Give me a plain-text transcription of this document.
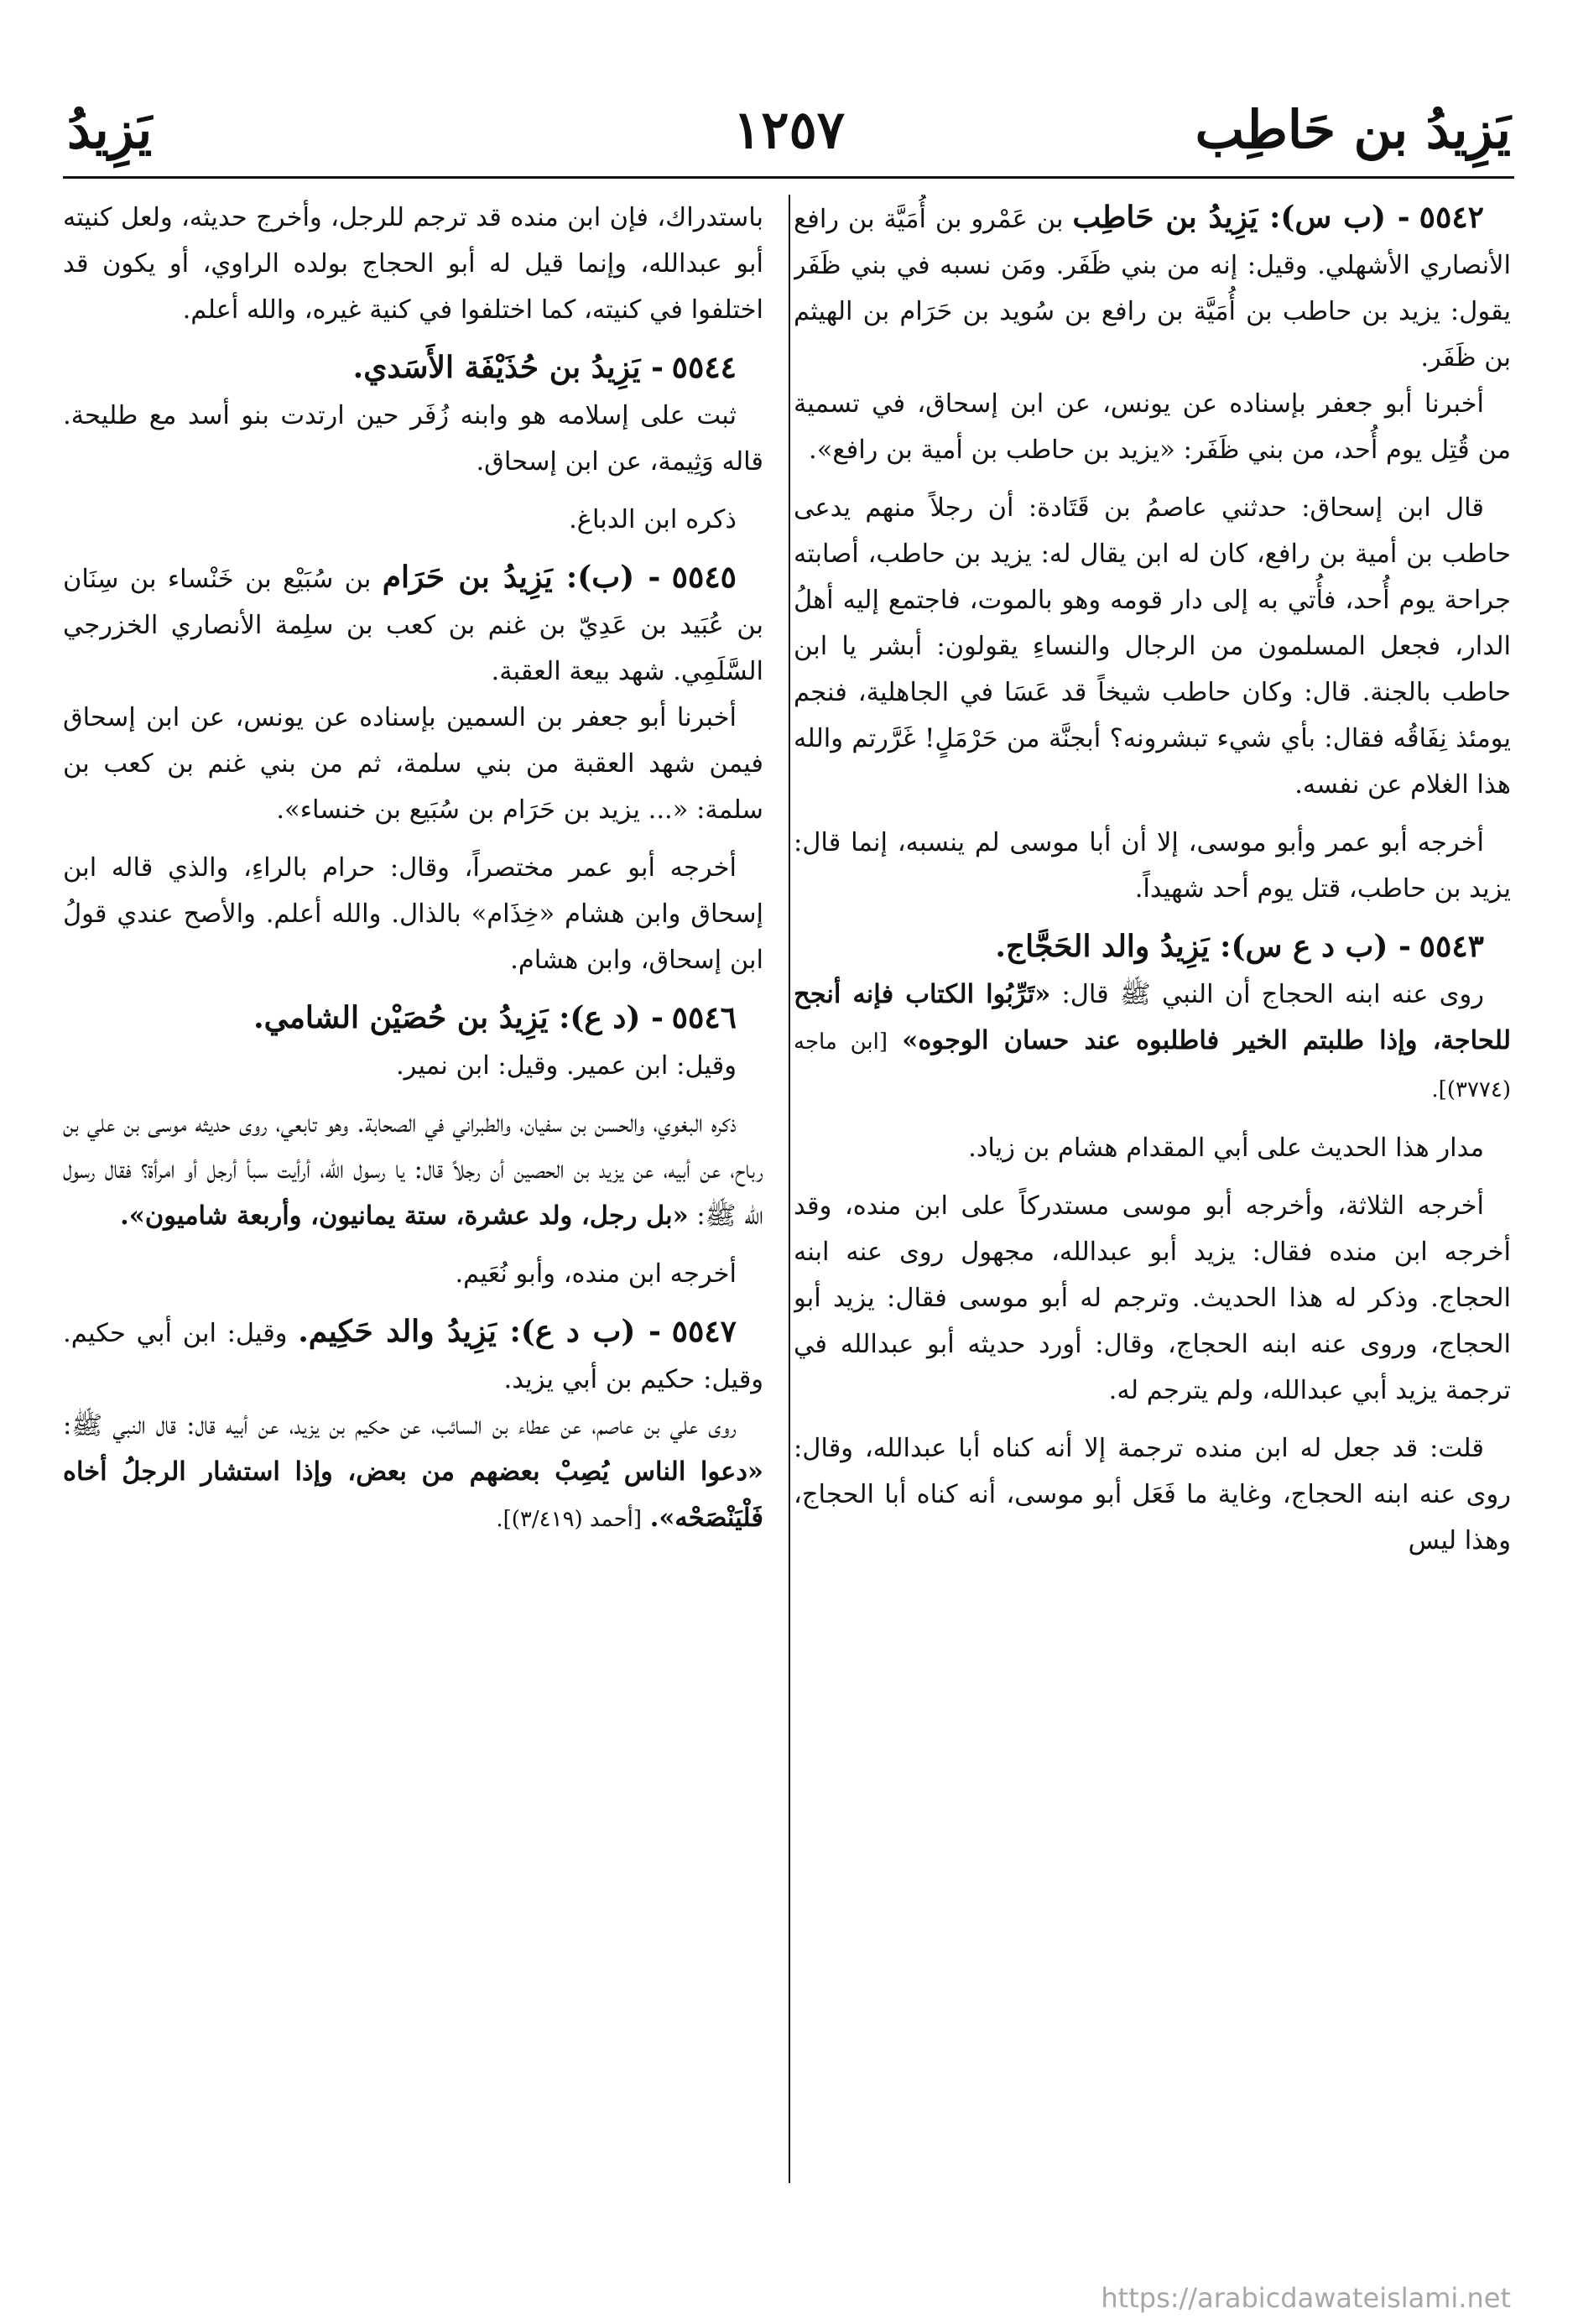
يَزِيدُ بن حَاطِب
١٢٥٧
يَزِيدُ

٥٥٤٢ - (ب س): يَزِيدُ بن حَاطِب بن عَمْرو بن أُمَيَّة بن رافع الأنصاري الأشهلي. وقيل: إنه من بني ظَفَر. ومَن نسبه في بني ظَفَر يقول: يزيد بن حاطب بن أُمَيَّة بن رافع بن سُويد بن حَرَام بن الهيثم بن ظَفَر.

أخبرنا أبو جعفر بإسناده عن يونس، عن ابن إسحاق، في تسمية من قُتِل يوم أُحد، من بني ظَفَر: «يزيد بن حاطب بن أمية بن رافع».

قال ابن إسحاق: حدثني عاصمُ بن قَتَادة: أن رجلاً منهم يدعى حاطب بن أمية بن رافع، كان له ابن يقال له: يزيد بن حاطب، أصابته جراحة يوم أُحد، فأُتي به إلى دار قومه وهو بالموت، فاجتمع إليه أهلُ الدار، فجعل المسلمون من الرجال والنساءِ يقولون: أبشر يا ابن حاطب بالجنة. قال: وكان حاطب شيخاً قد عَسَا في الجاهلية، فنجم يومئذ نِفَاقُه فقال: بأي شيء تبشرونه؟ أبجنَّة من حَرْمَلٍ! غَرَّرتم والله هذا الغلام عن نفسه.

أخرجه أبو عمر وأبو موسى، إلا أن أبا موسى لم ينسبه، إنما قال: يزيد بن حاطب، قتل يوم أحد شهيداً.

٥٥٤٣ - (ب د ع س): يَزِيدُ والد الحَجَّاج.

روى عنه ابنه الحجاج أن النبي ﷺ قال: «تَرِّبُوا الكتاب فإنه أنجح للحاجة، وإذا طلبتم الخير فاطلبوه عند حسان الوجوه» [ابن ماجه (٣٧٧٤)].

مدار هذا الحديث على أبي المقدام هشام بن زياد.

أخرجه الثلاثة، وأخرجه أبو موسى مستدركاً على ابن منده، وقد أخرجه ابن منده فقال: يزيد أبو عبدالله، مجهول روى عنه ابنه الحجاج. وذكر له هذا الحديث. وترجم له أبو موسى فقال: يزيد أبو الحجاج، وروى عنه ابنه الحجاج، وقال: أورد حديثه أبو عبدالله في ترجمة يزيد أبي عبدالله، ولم يترجم له.

قلت: قد جعل له ابن منده ترجمة إلا أنه كناه أبا عبدالله، وقال: روى عنه ابنه الحجاج، وغاية ما فَعَل أبو موسى، أنه كناه أبا الحجاج، وهذا ليس

باستدراك، فإن ابن منده قد ترجم للرجل، وأخرج حديثه، ولعل كنيته أبو عبدالله، وإنما قيل له أبو الحجاج بولده الراوي، أو يكون قد اختلفوا في كنيته، كما اختلفوا في كنية غيره، والله أعلم.

٥٥٤٤ - يَزِيدُ بن حُذَيْفَة الأَسَدي.

ثبت على إسلامه هو وابنه زُفَر حين ارتدت بنو أسد مع طليحة. قاله وَثِيمة، عن ابن إسحاق.

ذكره ابن الدباغ.

٥٥٤٥ - (ب): يَزِيدُ بن حَرَام بن سُبَيْع بن خَنْساء بن سِنَان بن عُبَيد بن عَدِيّ بن غنم بن كعب بن سلِمة الأنصاري الخزرجي السَّلَمِي. شهد بيعة العقبة.

أخبرنا أبو جعفر بن السمين بإسناده عن يونس، عن ابن إسحاق فيمن شهد العقبة من بني سلمة، ثم من بني غنم بن كعب بن سلمة: «... يزيد بن حَرَام بن سُبَيع بن خنساء».

أخرجه أبو عمر مختصراً، وقال: حرام بالراءِ، والذي قاله ابن إسحاق وابن هشام «خِذَام» بالذال. والله أعلم. والأصح عندي قولُ ابن إسحاق، وابن هشام.

٥٥٤٦ - (د ع): يَزِيدُ بن حُصَيْن الشامي.

وقيل: ابن عمير. وقيل: ابن نمير.

ذكره البغوي، والحسن بن سفيان، والطبراني في الصحابة. وهو تابعي، روى حديثه موسى بن علي بن رباح، عن أبيه، عن يزيد بن الحصين أن رجلاً قال: يا رسول الله، أرأيت سبأ أرجل أو امرأة؟ فقال رسول الله ﷺ: «بل رجل، ولد عشرة، ستة يمانيون، وأربعة شاميون».

أخرجه ابن منده، وأبو نُعَيم.

٥٥٤٧ - (ب د ع): يَزِيدُ والد حَكِيم. وقيل: ابن أبي حكيم. وقيل: حكيم بن أبي يزيد.

روى علي بن عاصم، عن عطاء بن السائب، عن حكيم بن يزيد، عن أبيه قال: قال النبي ﷺ: «دعوا الناس يُصِبْ بعضهم من بعض، وإذا استشار الرجلُ أخاه فَلْيَنْصَحْه». [أحمد (٣/٤١٩)].

https://arabicdawateislami.net
